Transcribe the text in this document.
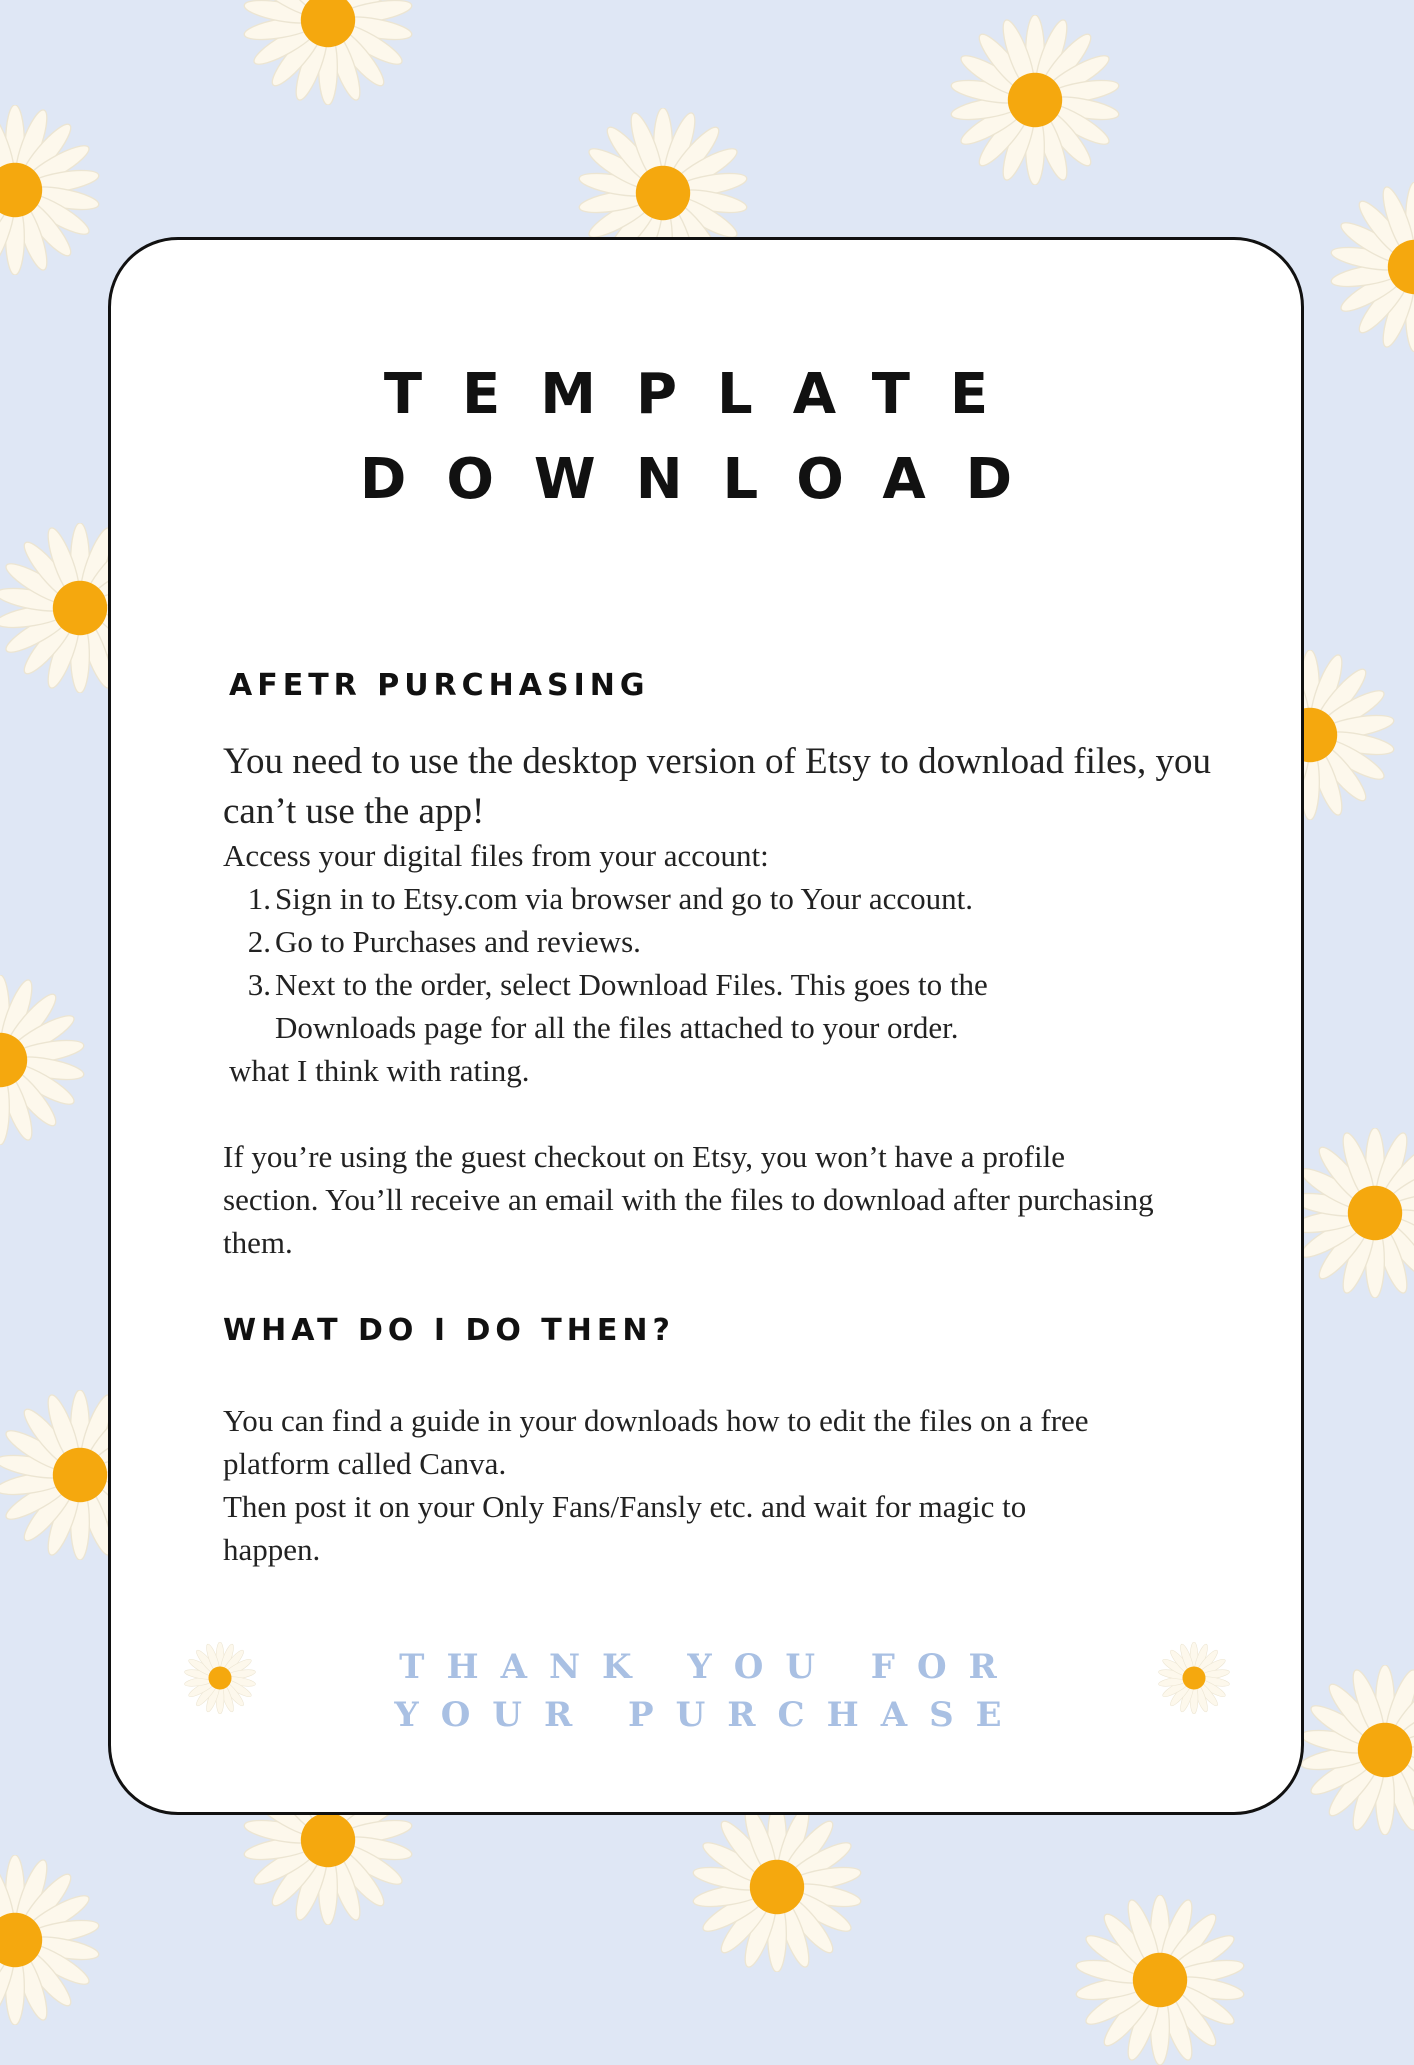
TEMPLATE
DOWNLOAD
AFETR PURCHASING

You need to use the desktop version of Etsy to download files, you can’t use the app!

Access your digital files from your account:

1. Sign in to Etsy.com via browser and go to Your account.
2. Go to Purchases and reviews.
3. Next to the order, select Download Files. This goes to the Downloads page for all the files attached to your order.

what I think with rating.

If you’re using the guest checkout on Etsy, you won’t have a profile section. You’ll receive an email with the files to download after purchasing them.

WHAT DO I DO THEN?

You can find a guide in your downloads how to edit the files on a free platform called Canva.

Then post it on your Only Fans/Fansly etc. and wait for magic to happen.

THANK YOU FOR YOUR PURCHASE
